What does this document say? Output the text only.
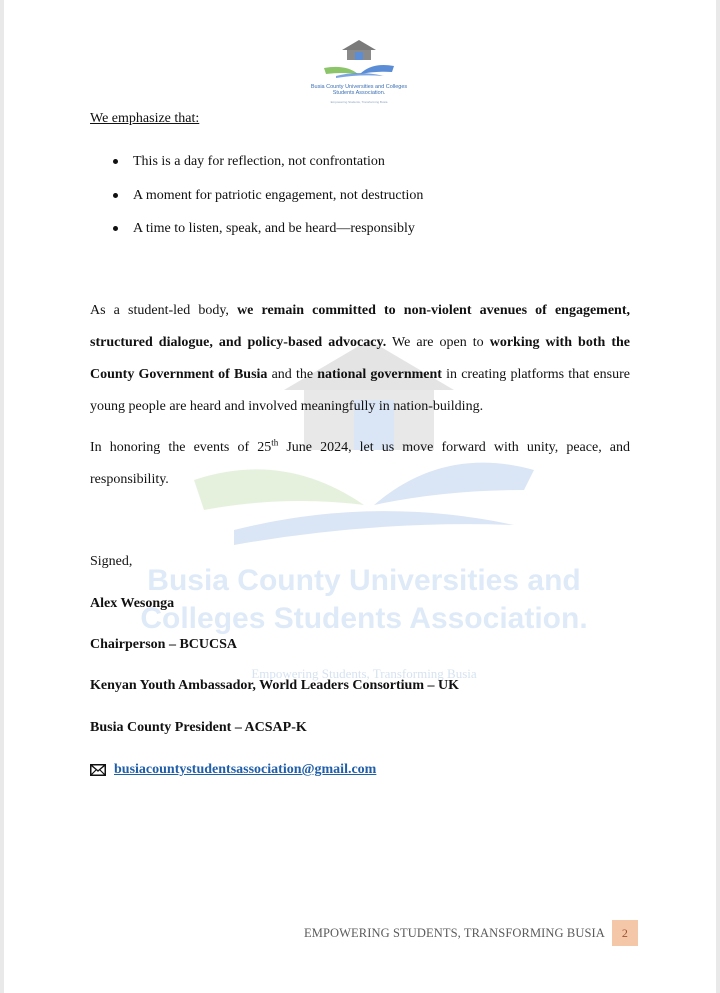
Busia County Universities and Colleges Students Association.
Empowering Students, Transforming Busia
Busia County Universities and
Colleges Students Association.
Empowering Students, Transforming Busia
We emphasize that:
This is a day for reflection, not confrontation
A moment for patriotic engagement, not destruction
A time to listen, speak, and be heard—responsibly

As a student-led body, we remain committed to non-violent avenues of engagement, structured dialogue, and policy-based advocacy. We are open to working with both the County Government of Busia and the national government in creating platforms that ensure young people are heard and involved meaningfully in nation-building.

In honoring the events of 25th June 2024, let us move forward with unity, peace, and responsibility.

Signed,
Alex Wesonga
Chairperson – BCUCSA
Kenyan Youth Ambassador, World Leaders Consortium – UK
Busia County President – ACSAP-K
busiacountystudentsassociation@gmail.com
EMPOWERING STUDENTS, TRANSFORMING BUSIA	2
